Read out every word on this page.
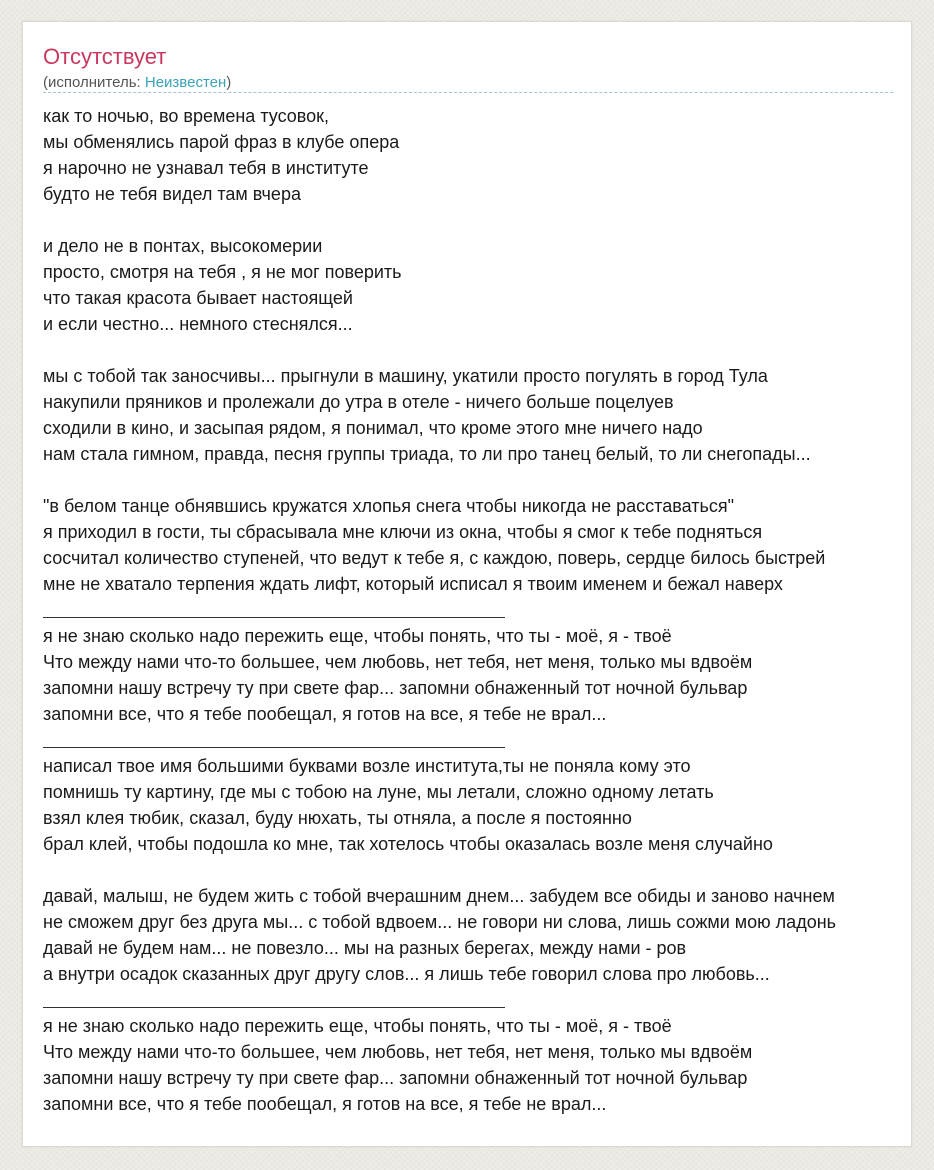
Отсутствует
(исполнитель: Неизвестен)
как то ночью, во времена тусовок,
мы обменялись парой фраз в клубе опера
я нарочно не узнавал тебя в институте
будто не тебя видел там вчера
и дело не в понтах, высокомерии
просто, смотря на тебя , я не мог поверить
что такая красота бывает настоящей
и если честно... немного стеснялся...
мы с тобой так заносчивы... прыгнули в машину, укатили просто погулять в город Тула
накупили пряников и пролежали до утра в отеле - ничего больше поцелуев
сходили в кино, и засыпая рядом, я понимал, что кроме этого мне ничего надо
нам стала гимном, правда, песня группы триада, то ли про танец белый, то ли снегопады...
"в белом танце обнявшись кружатся хлопья снега чтобы никогда не расставаться"
я приходил в гости, ты сбрасывала мне ключи из окна, чтобы я смог к тебе подняться
сосчитал количество ступеней, что ведут к тебе я, с каждою, поверь, сердце билось быстрей
мне не хватало терпения ждать лифт, который исписал я твоим именем и бежал наверх
я не знаю сколько надо пережить еще, чтобы понять, что ты - моё, я - твоё
Что между нами что-то большее, чем любовь, нет тебя, нет меня, только мы вдвоём
запомни нашу встречу ту при свете фар... запомни обнаженный тот ночной бульвар
запомни все, что я тебе пообещал, я готов на все, я тебе не врал...
написал твое имя большими буквами возле института,ты не поняла кому это
помнишь ту картину, где мы с тобою на луне, мы летали, сложно одному летать
взял клея тюбик, сказал, буду нюхать, ты отняла, а после я постоянно
брал клей, чтобы подошла ко мне, так хотелось чтобы оказалась возле меня случайно
давай, малыш, не будем жить с тобой вчерашним днем... забудем все обиды и заново начнем
не сможем друг без друга мы... с тобой вдвоем... не говори ни слова, лишь сожми мою ладонь
давай не будем нам... не повезло... мы на разных берегах, между нами - ров
а внутри осадок сказанных друг другу слов... я лишь тебе говорил слова про любовь...
я не знаю сколько надо пережить еще, чтобы понять, что ты - моё, я - твоё
Что между нами что-то большее, чем любовь, нет тебя, нет меня, только мы вдвоём
запомни нашу встречу ту при свете фар... запомни обнаженный тот ночной бульвар
запомни все, что я тебе пообещал, я готов на все, я тебе не врал...
